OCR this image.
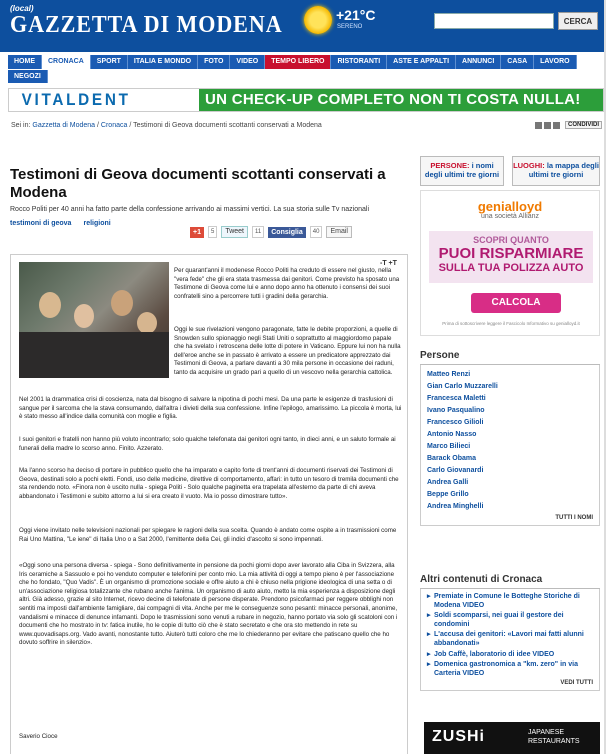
(local)
GAZZETTA DI MODENA	+21°C
SERENO
CERCA
HOME	CRONACA	SPORT	ITALIA E MONDO	FOTO	VIDEO	TEMPO LIBERO	RISTORANTI	ASTE E APPALTI	ANNUNCI	CASA	LAVORO
NEGOZI
VITALDENT	UN CHECK-UP COMPLETO NON TI COSTA NULLA!
Sei in: Gazzetta di Modena / Cronaca / Testimoni di Geova documenti scottanti conservati a Modena	CONDIVIDI
Testimoni di Geova documenti scottanti conservati a Modena
Rocco Politi per 40 anni ha fatto parte della confessione arrivando ai massimi vertici. La sua storia sulle Tv nazionali
testimoni di geova religioni
+1	5	Tweet	11	Consiglia	40	Email
-T +T
Per quarant'anni il modenese Rocco Politi ha creduto di essere nel giusto, nella "vera fede" che gli era stata trasmessa dai genitori. Come previsto ha sposato una Testimone di Geova come lui e anno dopo anno ha ottenuto i consensi dei suoi confratelli sino a percorrere tutti i gradini della gerarchia.
Oggi le sue rivelazioni vengono paragonate, fatte le debite proporzioni, a quelle di Snowden sullo spionaggio negli Stati Uniti o soprattutto al maggiordomo papale che ha svelato i retroscena delle lotte di potere in Vaticano. Eppure lui non ha nulla dell'eroe anche se in passato è arrivato a essere un predicatore apprezzato dai Testimoni di Geova, a parlare davanti a 30 mila persone in occasione dei raduni, tanto da acquisire un grado pari a quello di un vescovo nella gerarchia cattolica.
Nel 2001 la drammatica crisi di coscienza, nata dal bisogno di salvare la nipotina di pochi mesi. Da una parte le esigenze di trasfusioni di sangue per il sarcoma che la stava consumando, dall'altra i divieti della sua confessione. Infine l'epilogo, amarissimo. La piccola è morta, lui è stato messo all'indice dalla comunità con moglie e figlia.
I suoi genitori e fratelli non hanno più voluto incontrarlo; solo qualche telefonata dai genitori ogni tanto, in dieci anni, e un saluto formale ai funerali della madre lo scorso anno. Finito. Azzerato.
Ma l'anno scorso ha deciso di portare in pubblico quello che ha imparato e capito forte di trent'anni di documenti riservati dei Testimoni di Geova, destinati solo a pochi eletti. Fondi, uso delle medicine, direttive di comportamento, affari: in tutto un tesoro di tremila documenti che sta rendendo noto. «Finora non è uscito nulla - spiega Politi - Solo qualche paginetta era trapelata all'esterno da parte di chi aveva abbandonato i Testimoni e subito attorno a lui si era creato il vuoto. Ma io posso dimostrare tutto».
Oggi viene invitato nelle televisioni nazionali per spiegare le ragioni della sua scelta. Quando è andato come ospite a in trasmissioni come Rai Uno Mattina, "Le iene" di Italia Uno o a Sat 2000, l'emittente della Cei, gli indici d'ascolto si sono impennati.
«Oggi sono una persona diversa - spiega - Sono definitivamente in pensione da pochi giorni dopo aver lavorato alla Ciba in Svizzera, alla Iris ceramiche a Sassuolo e poi ho venduto computer e telefonini per conto mio. La mia attività di oggi a tempo pieno è per l'associazione che ho fondato, "Quo Vadis". È un organismo di promozione sociale e offre aiuto a chi è chiuso nella prigione ideologica di una setta o di un'associazione religiosa totalizzante che rubano anche l'anima. Un organismo di auto aiuto, metto la mia esperienza a disposizione degli altri. Già adesso, grazie al sito Internet, ricevo decine di telefonate di persone disperate. Prendono psicofarmaci per reggere obblighi non sentiti ma imposti dall'ambiente famigliare, dai compagni di vita. Anche per me le conseguenze sono pesanti: minacce personali, anonime, vandalismi e minacce di denunce infamanti. Dopo le trasmissioni sono venuti a rubare in negozio, hanno portato via solo gli scatoloni con i documenti che ho mostrato in tv: fatica inutile, ho le copie di tutto ciò che è stato secretato e che ora sto mettendo in rete su www.quovadisaps.org. Vado avanti, nonostante tutto. Aiuterò tutti coloro che me lo chiederanno per evitare che patiscano quello che ho dovuto soffrire in silenzio».
Saverio Cioce
PERSONE: i nomi degli ultimi tre giorni
LUOGHI: la mappa degli ultimi tre giorni
genialloyd
una società Allianz
SCOPRI QUANTO
PUOI RISPARMIARE
SULLA TUA POLIZZA AUTO
CALCOLA
Prima di sottoscrivere leggere il Fascicolo Informativo su genialloyd.it
Persone
Matteo Renzi
Gian Carlo Muzzarelli
Francesca Maletti
Ivano Pasqualino
Francesco Gilioli
Antonio Nasso
Marco Biliеci
Barack Obama
Carlo Giovanardi
Andrea Galli
Beppe Grillo
Andrea Minghelli
TUTTI I NOMI
Altri contenuti di Cronaca
▸ Premiate in Comune le Botteghe Storiche di Modena VIDEO
▸ Soldi scomparsi, nei guai il gestore dei condomini
▸ L'accusa dei genitori: «Lavori mai fatti alunni abbandonati»
▸ Job Caffè, laboratorio di idee VIDEO
▸ Domenica gastronomica a "km. zero" in via Carteria VIDEO
VEDI TUTTI
ZUSHi	JAPANESE RESTAURANTS
